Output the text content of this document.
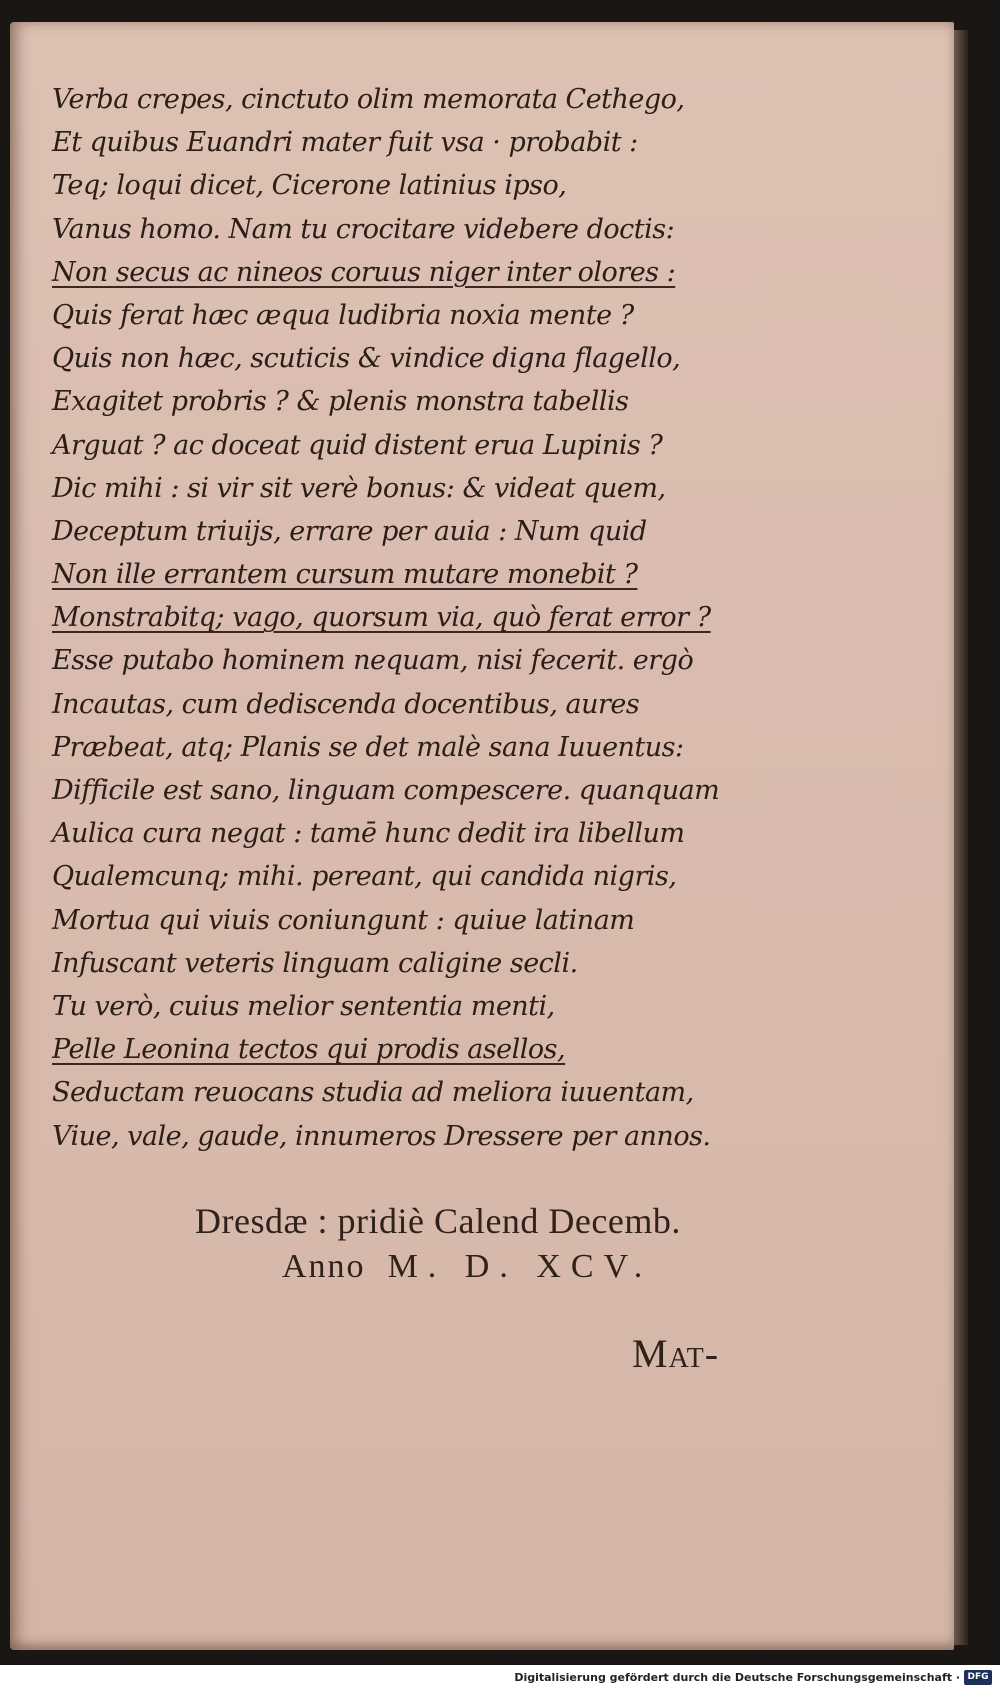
Verba crepes, cinctuto olim memorata Cethego,
Et quibus Euandri mater fuit vsa · probabit :
Teq; loqui dicet, Cicerone latinius ipso,
Vanus homo. Nam tu crocitare videbere doctis:
Non secus ac nineos coruus niger inter olores :
Quis ferat hæc æqua ludibria noxia mente ?
Quis non hæc, scuticis & vindice digna flagello,
Exagitet probris ? & plenis monstra tabellis
Arguat ? ac doceat quid distent erua Lupinis ?
Dic mihi : si vir sit verè bonus: & videat quem,
Deceptum triuijs, errare per auia : Num quid
Non ille errantem cursum mutare monebit ?
Monstrabitq; vago, quorsum via, quò ferat error ?
Esse putabo hominem nequam, nisi fecerit. ergò
Incautas, cum dediscenda docentibus, aures
Præbeat, atq; Planis se det malè sana Iuuentus:
Difficile est sano, linguam compescere. quanquam
Aulica cura negat : tamē hunc dedit ira libellum
Qualemcunq; mihi. pereant, qui candida nigris,
Mortua qui viuis coniungunt : quiue latinam
Infuscant veteris linguam caligine secli.
Tu verò, cuius melior sententia menti,
Pelle Leonina tectos qui prodis asellos,
Seductam reuocans studia ad meliora iuuentam,
Viue, vale, gaude, innumeros Dressere per annos.
Dresdæ : pridiè Calend Decemb.
Anno M. D. XCV.
Mat-
Digitalisierung gefördert durch die Deutsche Forschungsgemeinschaft · DFG
